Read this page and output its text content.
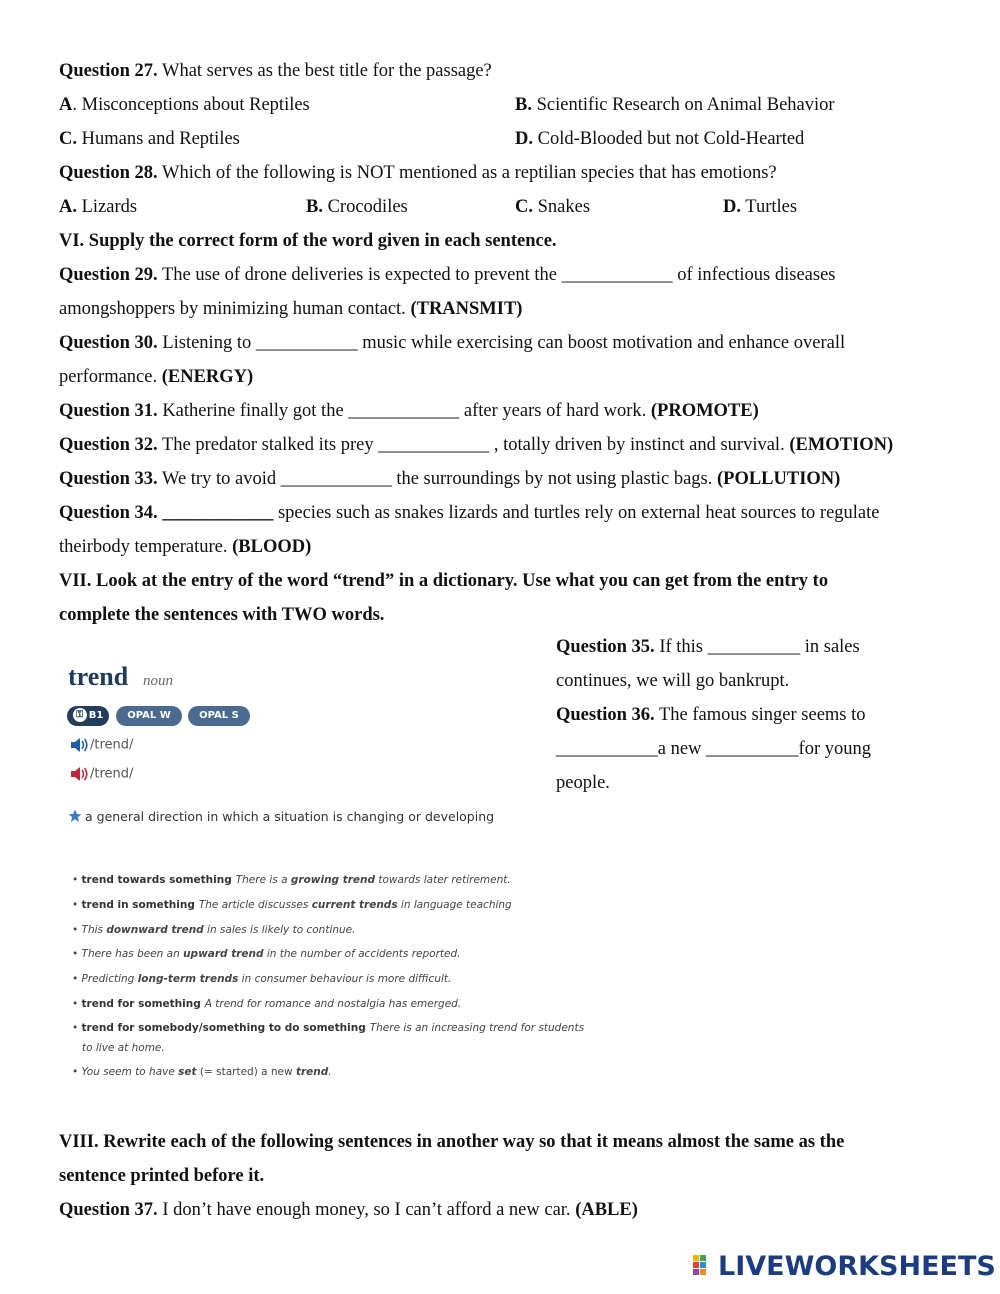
Question 27. What serves as the best title for the passage?
A. Misconceptions about Reptiles	B. Scientific Research on Animal Behavior
C. Humans and Reptiles	D. Cold-Blooded but not Cold-Hearted
Question 28. Which of the following is NOT mentioned as a reptilian species that has emotions?
A. Lizards	B. Crocodiles	C. Snakes	D. Turtles
VI. Supply the correct form of the word given in each sentence.
Question 29. The use of drone deliveries is expected to prevent the ____________ of infectious diseases
amongshoppers by minimizing human contact. (TRANSMIT)
Question 30. Listening to ___________ music while exercising can boost motivation and enhance overall
performance. (ENERGY)
Question 31. Katherine finally got the ____________ after years of hard work. (PROMOTE)
Question 32. The predator stalked its prey ____________ , totally driven by instinct and survival. (EMOTION)
Question 33. We try to avoid ____________ the surroundings by not using plastic bags. (POLLUTION)
Question 34. ____________ species such as snakes lizards and turtles rely on external heat sources to regulate
theirbody temperature. (BLOOD)
VII. Look at the entry of the word “trend” in a dictionary. Use what you can get from the entry to
complete the sentences with TWO words.
trend noun
⚿ B1	OPAL W	OPAL S
/trend/
/trend/
a general direction in which a situation is changing or developing
• trend towards something There is a growing trend towards later retirement.
• trend in something The article discusses current trends in language teaching
• This downward trend in sales is likely to continue.
• There has been an upward trend in the number of accidents reported.
• Predicting long-term trends in consumer behaviour is more difficult.
• trend for something A trend for romance and nostalgia has emerged.
• trend for somebody/something to do something There is an increasing trend for students
to live at home.
• You seem to have set (= started) a new trend.
Question 35. If this __________ in sales
continues, we will go bankrupt.
Question 36. The famous singer seems to
___________a new __________for young
people.
VIII. Rewrite each of the following sentences in another way so that it means almost the same as the
sentence printed before it.
Question 37. I don’t have enough money, so I can’t afford a new car. (ABLE)
LIVEWORKSHEETS
